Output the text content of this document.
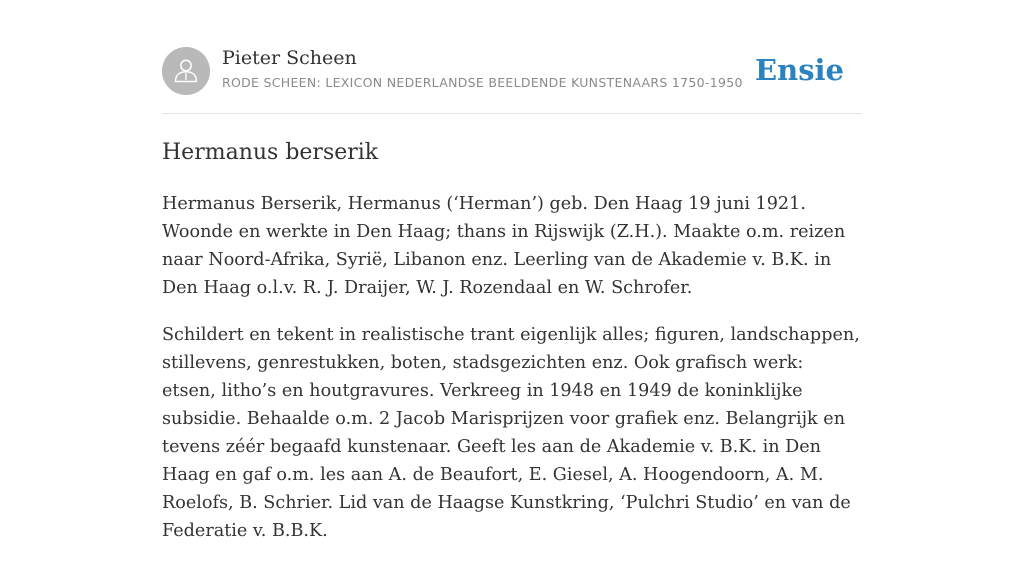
Pieter Scheen
RODE SCHEEN: LEXICON NEDERLANDSE BEELDENDE KUNSTENAARS 1750-1950 Ensie
Hermanus berserik

Hermanus Berserik, Hermanus (‘Herman’) geb. Den Haag 19 juni 1921. Woonde en werkte in Den Haag; thans in Rijswijk (Z.H.). Maakte o.m. reizen naar Noord-Afrika, Syrië, Libanon enz. Leerling van de Akademie v. B.K. in Den Haag o.l.v. R. J. Draijer, W. J. Rozendaal en W. Schrofer.

Schildert en tekent in realistische trant eigenlijk alles; figuren, landschappen, stillevens, genrestukken, boten, stadsgezichten enz. Ook grafisch werk: etsen, litho’s en houtgravures. Verkreeg in 1948 en 1949 de koninklijke subsidie. Behaalde o.m. 2 Jacob Marisprijzen voor grafiek enz. Belangrijk en tevens zéér begaafd kunstenaar. Geeft les aan de Akademie v. B.K. in Den Haag en gaf o.m. les aan A. de Beaufort, E. Giesel, A. Hoogendoorn, A. M. Roelofs, B. Schrier. Lid van de Haagse Kunstkring, ‘Pulchri Studio’ en van de Federatie v. B.B.K.
